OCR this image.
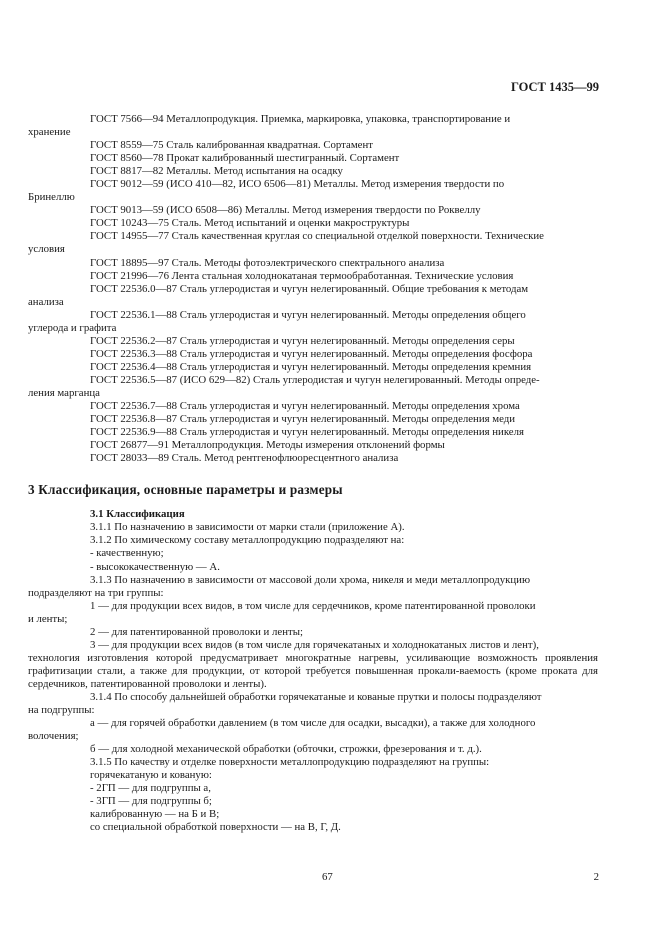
ГОСТ 1435—99
ГОСТ 7566—94 Металлопродукция. Приемка, маркировка, упаковка, транспортирование и
хранение
ГОСТ 8559—75 Сталь калиброванная квадратная. Сортамент
ГОСТ 8560—78 Прокат калиброванный шестигранный. Сортамент
ГОСТ 8817—82 Металлы. Метод испытания на осадку
ГОСТ 9012—59 (ИСО 410—82, ИСО 6506—81) Металлы. Метод измерения твердости по
Бринеллю
ГОСТ 9013—59 (ИСО 6508—86) Металлы. Метод измерения твердости по Роквеллу
ГОСТ 10243—75 Сталь. Метод испытаний и оценки макроструктуры
ГОСТ 14955—77 Сталь качественная круглая со специальной отделкой поверхности. Технические
условия
ГОСТ 18895—97 Сталь. Методы фотоэлектрического спектрального анализа
ГОСТ 21996—76 Лента стальная холоднокатаная термообработанная. Технические условия
ГОСТ 22536.0—87 Сталь углеродистая и чугун нелегированный. Общие требования к методам
анализа
ГОСТ 22536.1—88 Сталь углеродистая и чугун нелегированный. Методы определения общего
углерода и графита
ГОСТ 22536.2—87 Сталь углеродистая и чугун нелегированный. Методы определения серы
ГОСТ 22536.3—88 Сталь углеродистая и чугун нелегированный. Методы определения фосфора
ГОСТ 22536.4—88 Сталь углеродистая и чугун нелегированный. Методы определения кремния
ГОСТ 22536.5—87 (ИСО 629—82) Сталь углеродистая и чугун нелегированный. Методы опреде-
ления марганца
ГОСТ 22536.7—88 Сталь углеродистая и чугун нелегированный. Методы определения хрома
ГОСТ 22536.8—87 Сталь углеродистая и чугун нелегированный. Методы определения меди
ГОСТ 22536.9—88 Сталь углеродистая и чугун нелегированный. Методы определения никеля
ГОСТ 26877—91 Металлопродукция. Методы измерения отклонений формы
ГОСТ 28033—89 Сталь. Метод рентгенофлюоресцентного анализа
3 Классификация, основные параметры и размеры
3.1 Классификация
3.1.1 По назначению в зависимости от марки стали (приложение А).
3.1.2 По химическому составу металлопродукцию подразделяют на:
- качественную;
- высококачественную — А.
3.1.3 По назначению в зависимости от массовой доли хрома, никеля и меди металлопродукцию
подразделяют на три группы:
1 — для продукции всех видов, в том числе для сердечников, кроме патентированной проволоки
и ленты;
2 — для патентированной проволоки и ленты;
3 — для продукции всех видов (в том числе для горячекатаных и холоднокатаных листов и лент),
технология изготовления которой предусматривает многократные нагревы, усиливающие возможность проявления графитизации стали, а также для продукции, от которой требуется повышенная прокали-ваемость (кроме проката для сердечников, патентированной проволоки и ленты).
3.1.4 По способу дальнейшей обработки горячекатаные и кованые прутки и полосы подразделяют
на подгруппы:
а — для горячей обработки давлением (в том числе для осадки, высадки), а также для холодного
волочения;
б — для холодной механической обработки (обточки, строжки, фрезерования и т. д.).
3.1.5 По качеству и отделке поверхности металлопродукцию подразделяют на группы:
горячекатаную и кованую:
- 2ГП — для подгруппы а,
- 3ГП — для подгруппы б;
калиброванную — на Б и В;
со специальной обработкой поверхности — на В, Г, Д.
67	2
